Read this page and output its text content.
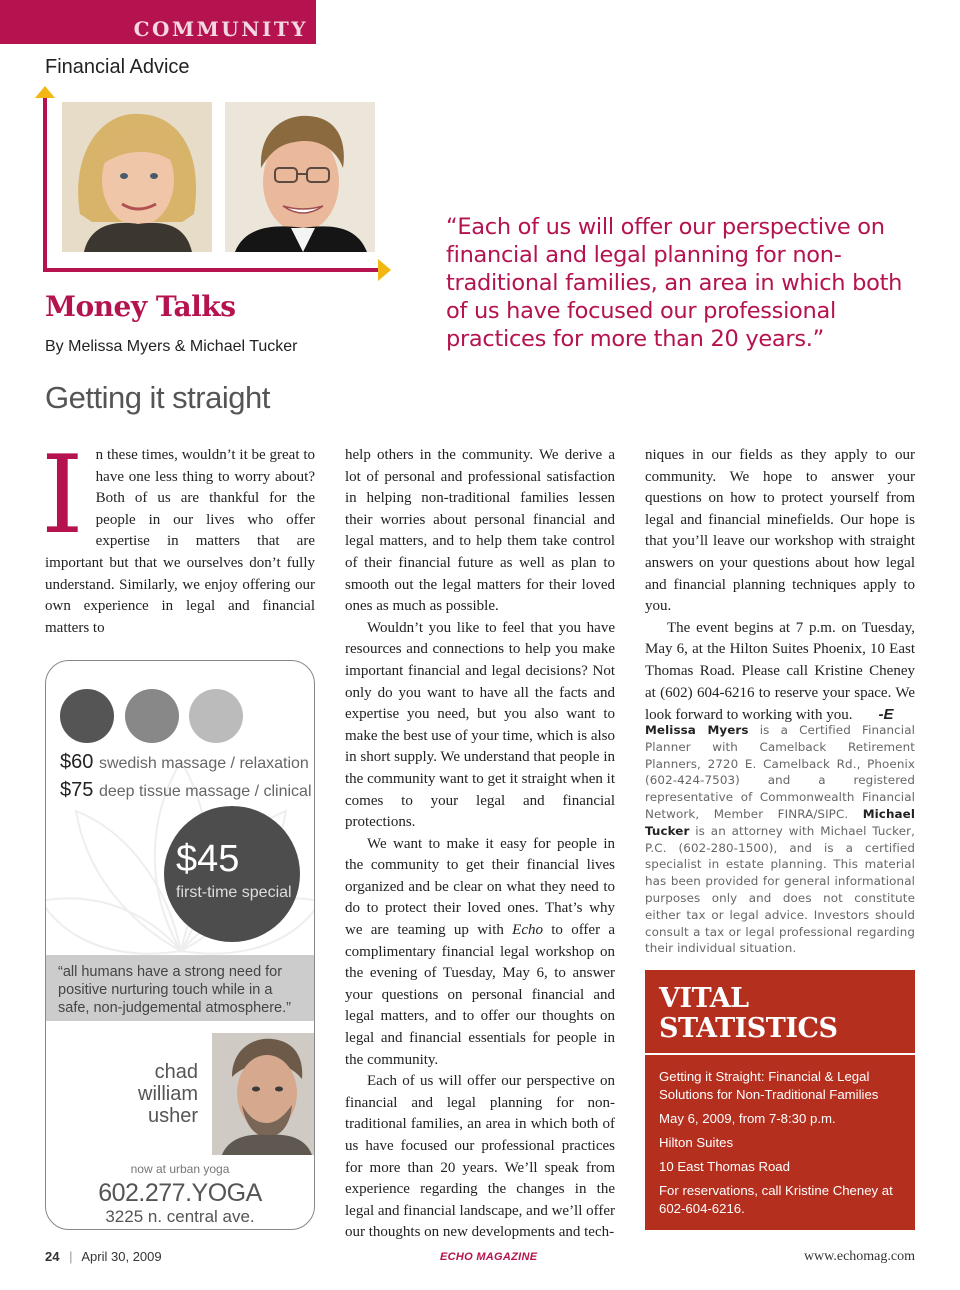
COMMUNITY
Financial Advice
Money Talks
By Melissa Myers & Michael Tucker
“Each of us will offer our perspective on financial and legal planning for non-traditional families, an area in which both of us have focused our professional practices for more than 20 years.”
Getting it straight

In these times, wouldn’t it be great to have one less thing to worry about? Both of us are thankful for the people in our lives who offer expertise in matters that are important but that we ourselves don’t fully understand. Similarly, we enjoy offering our own experience in legal and financial matters to

help others in the community. We derive a lot of personal and professional satisfaction in helping non-traditional families lessen their worries about personal financial and legal matters, and to help them take control of their financial future as well as plan to smooth out the legal matters for their loved ones as much as possible.

Wouldn’t you like to feel that you have resources and connections to help you make important financial and legal decisions? Not only do you want to have all the facts and expertise you need, but you also want to make the best use of your time, which is also in short supply. We understand that people in the community want to get it straight when it comes to your legal and financial protections.

We want to make it easy for people in the community to get their financial lives organized and be clear on what they need to do to protect their loved ones. That’s why we are teaming up with Echo to offer a complimentary financial legal workshop on the evening of Tuesday, May 6, to answer your questions on personal financial and legal matters, and to offer our thoughts on legal and financial essentials for people in the community.

Each of us will offer our perspective on financial and legal planning for non-traditional families, an area in which both of us have focused our professional practices for more than 20 years. We’ll speak from experience regarding the changes in the legal and financial landscape, and we’ll offer our thoughts on new developments and tech-

niques in our fields as they apply to our community. We hope to answer your questions on how to protect yourself from legal and financial minefields. Our hope is that you’ll leave our workshop with straight answers on your questions about how legal and financial planning techniques apply to you.

The event begins at 7 p.m. on Tuesday, May 6, at the Hilton Suites Phoenix, 10 East Thomas Road. Please call Kristine Cheney at (602) 604-6216 to reserve your space. We look forward to working with you. -E

Melissa Myers is a Certified Financial Planner with Camelback Retirement Planners, 2720 E. Camelback Rd., Phoenix (602-424-7503) and a registered representative of Commonwealth Financial Network, Member FINRA/SIPC. Michael Tucker is an attorney with Michael Tucker, P.C. (602-280-1500), and is a certified specialist in estate planning. This material has been provided for general informational purposes only and does not constitute either tax or legal advice. Investors should consult a tax or legal professional regarding their individual situation.
VITAL
STATISTICS
Getting it Straight: Financial & Legal Solutions for Non-Traditional Families
May 6, 2009, from 7-8:30 p.m.
Hilton Suites
10 East Thomas Road
For reservations, call Kristine Cheney at 602-604-6216.
$60 swedish massage / relaxation
$75 deep tissue massage / clinical
$45
first-time special
“all humans have a strong need for positive nurturing touch while in a safe, non-judgemental atmosphere.”
chad
william
usher
now at urban yoga
602.277.YOGA
3225 n. central ave.
24 | April 30, 2009	ECHO MAGAZINE	www.echomag.com
